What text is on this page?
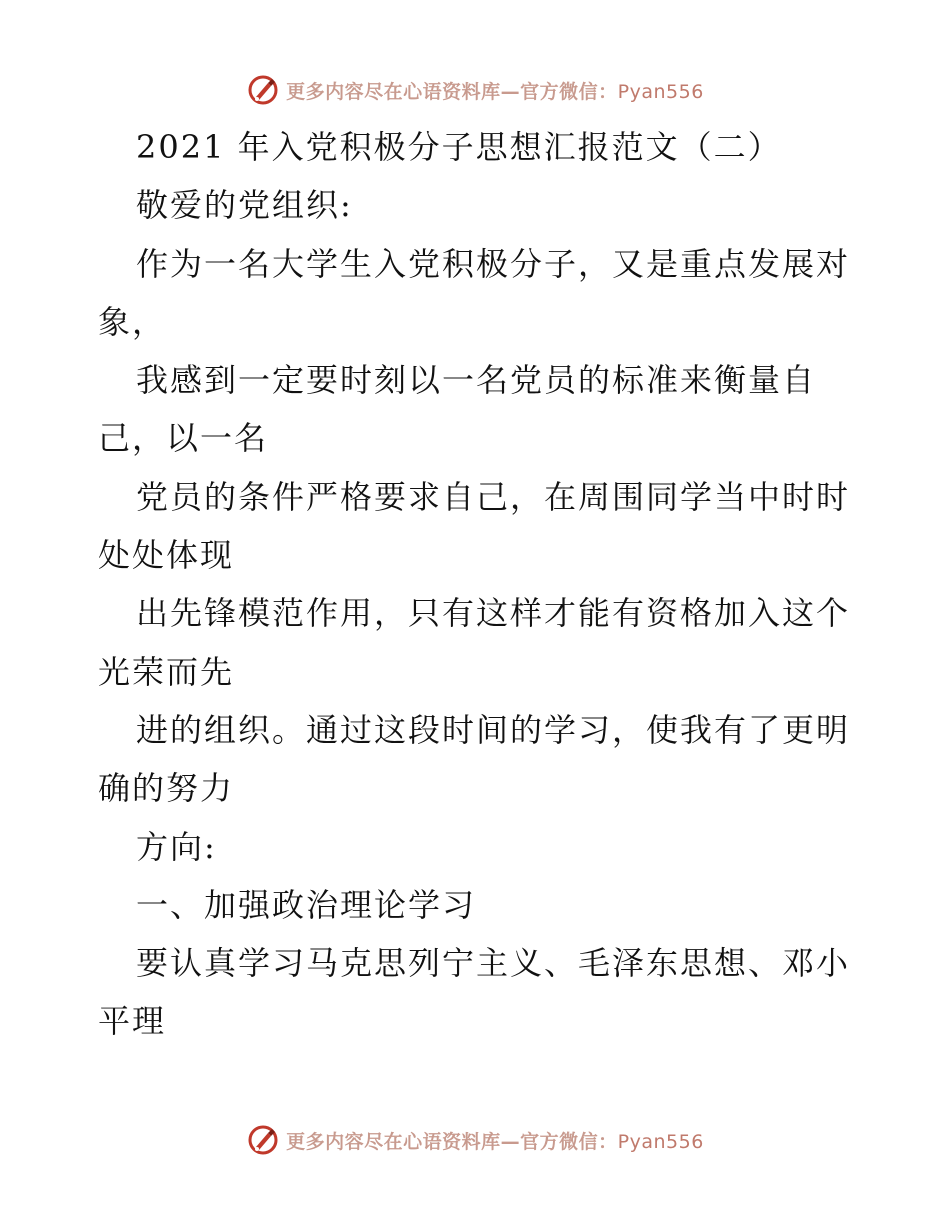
更多内容尽在心语资料库—官方微信：Pyan556
2021 年入党积极分子思想汇报范文（二）
敬爱的党组织:
作为一名大学生入党积极分子，又是重点发展对
象，
我感到一定要时刻以一名党员的标准来衡量自
己，以一名
党员的条件严格要求自己，在周围同学当中时时
处处体现
出先锋模范作用，只有这样才能有资格加入这个
光荣而先
进的组织。通过这段时间的学习，使我有了更明
确的努力
方向:
一、加强政治理论学习
要认真学习马克思列宁主义、毛泽东思想、邓小
平理
更多内容尽在心语资料库—官方微信：Pyan556
